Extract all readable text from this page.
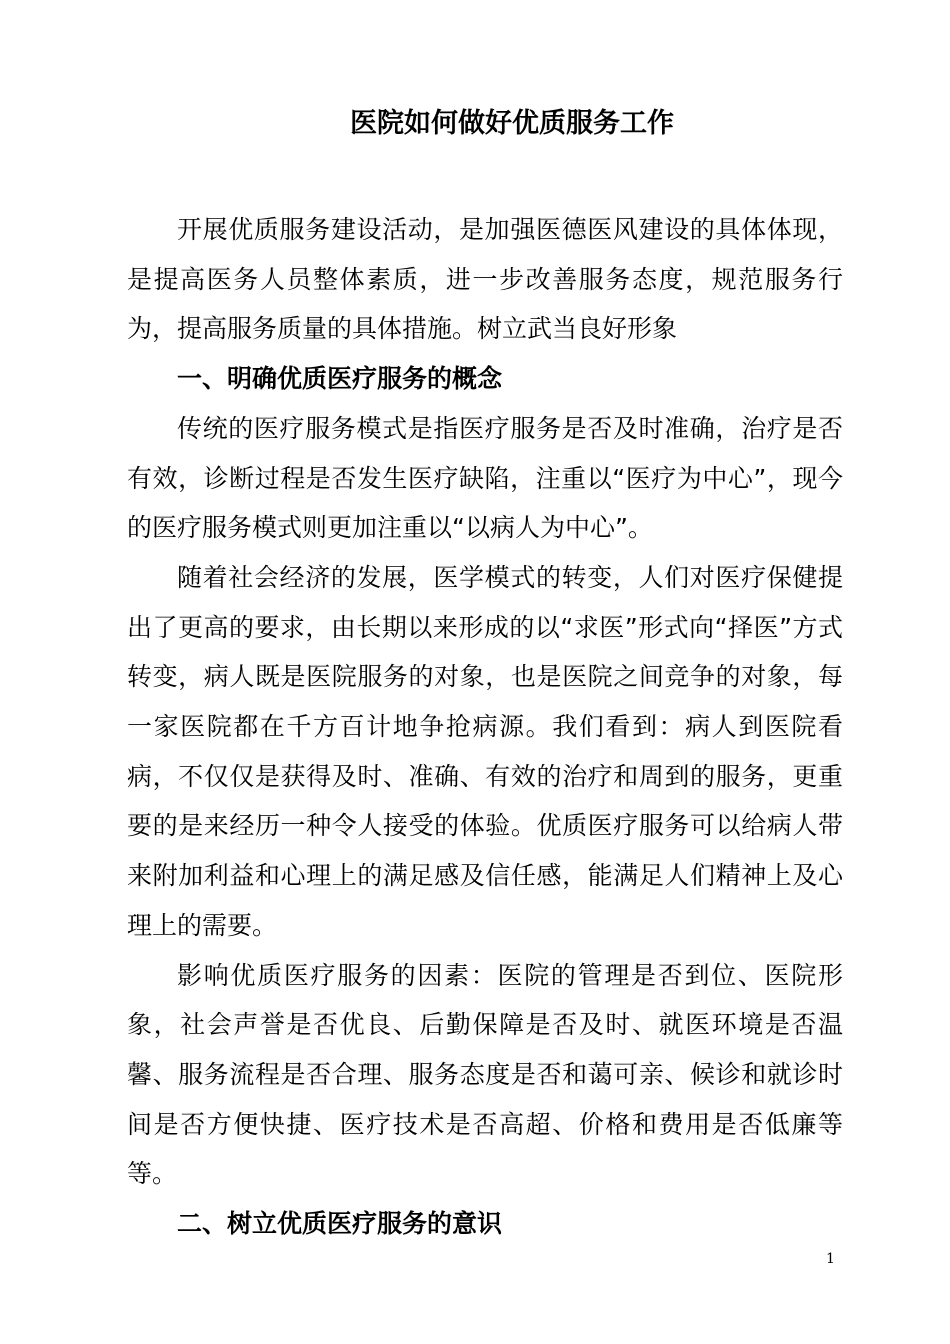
医院如何做好优质服务工作

开展优质服务建设活动，是加强医德医风建设的具体体现，是提高医务人员整体素质，进一步改善服务态度，规范服务行为，提高服务质量的具体措施。树立武当良好形象

一、明确优质医疗服务的概念

传统的医疗服务模式是指医疗服务是否及时准确，治疗是否有效，诊断过程是否发生医疗缺陷，注重以“医疗为中心”，现今的医疗服务模式则更加注重以“以病人为中心”。

随着社会经济的发展，医学模式的转变，人们对医疗保健提出了更高的要求，由长期以来形成的以“求医”形式向“择医”方式转变，病人既是医院服务的对象，也是医院之间竞争的对象，每一家医院都在千方百计地争抢病源。我们看到：病人到医院看病，不仅仅是获得及时、准确、有效的治疗和周到的服务，更重要的是来经历一种令人接受的体验。优质医疗服务可以给病人带来附加利益和心理上的满足感及信任感，能满足人们精神上及心理上的需要。

影响优质医疗服务的因素：医院的管理是否到位、医院形象，社会声誉是否优良、后勤保障是否及时、就医环境是否温馨、服务流程是否合理、服务态度是否和蔼可亲、候诊和就诊时间是否方便快捷、医疗技术是否高超、价格和费用是否低廉等等。

二、树立优质医疗服务的意识

1
